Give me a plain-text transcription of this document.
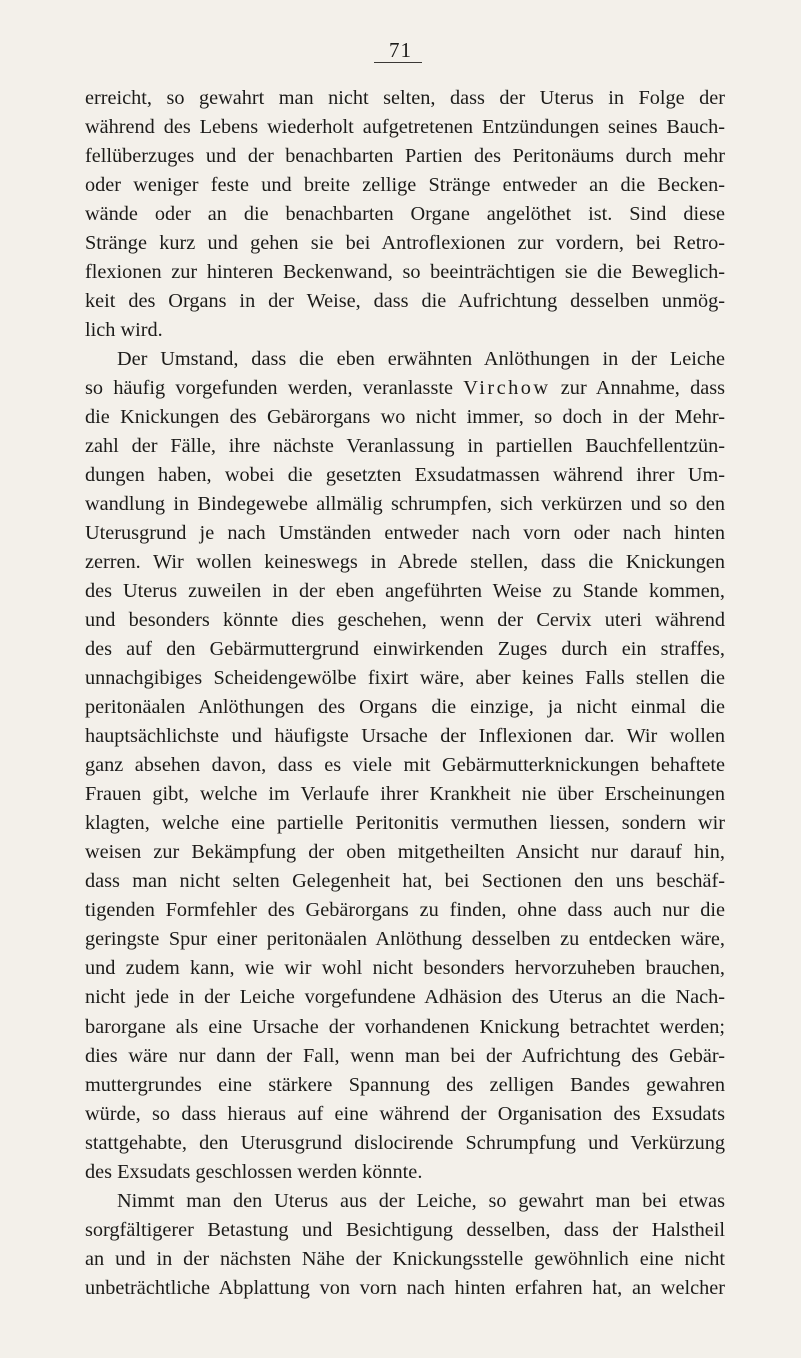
71
erreicht, so gewahrt man nicht selten, dass der Uterus in Folge der
während des Lebens wiederholt aufgetretenen Entzündungen seines Bauch-
fellüberzuges und der benachbarten Partien des Peritonäums durch mehr
oder weniger feste und breite zellige Stränge entweder an die Becken-
wände oder an die benachbarten Organe angelöthet ist. Sind diese
Stränge kurz und gehen sie bei Antroflexionen zur vordern, bei Retro-
flexionen zur hinteren Beckenwand, so beeinträchtigen sie die Beweglich-
keit des Organs in der Weise, dass die Aufrichtung desselben unmög-
lich wird.
Der Umstand, dass die eben erwähnten Anlöthungen in der Leiche
so häufig vorgefunden werden, veranlasste Virchow zur Annahme, dass
die Knickungen des Gebärorgans wo nicht immer, so doch in der Mehr-
zahl der Fälle, ihre nächste Veranlassung in partiellen Bauchfellentzün-
dungen haben, wobei die gesetzten Exsudatmassen während ihrer Um-
wandlung in Bindegewebe allmälig schrumpfen, sich verkürzen und so den
Uterusgrund je nach Umständen entweder nach vorn oder nach hinten
zerren. Wir wollen keineswegs in Abrede stellen, dass die Knickungen
des Uterus zuweilen in der eben angeführten Weise zu Stande kommen,
und besonders könnte dies geschehen, wenn der Cervix uteri während
des auf den Gebärmuttergrund einwirkenden Zuges durch ein straffes,
unnachgibiges Scheidengewölbe fixirt wäre, aber keines Falls stellen die
peritonäalen Anlöthungen des Organs die einzige, ja nicht einmal die
hauptsächlichste und häufigste Ursache der Inflexionen dar. Wir wollen
ganz absehen davon, dass es viele mit Gebärmutterknickungen behaftete
Frauen gibt, welche im Verlaufe ihrer Krankheit nie über Erscheinungen
klagten, welche eine partielle Peritonitis vermuthen liessen, sondern wir
weisen zur Bekämpfung der oben mitgetheilten Ansicht nur darauf hin,
dass man nicht selten Gelegenheit hat, bei Sectionen den uns beschäf-
tigenden Formfehler des Gebärorgans zu finden, ohne dass auch nur die
geringste Spur einer peritonäalen Anlöthung desselben zu entdecken wäre,
und zudem kann, wie wir wohl nicht besonders hervorzuheben brauchen,
nicht jede in der Leiche vorgefundene Adhäsion des Uterus an die Nach-
barorgane als eine Ursache der vorhandenen Knickung betrachtet werden;
dies wäre nur dann der Fall, wenn man bei der Aufrichtung des Gebär-
muttergrundes eine stärkere Spannung des zelligen Bandes gewahren
würde, so dass hieraus auf eine während der Organisation des Exsudats
stattgehabte, den Uterusgrund dislocirende Schrumpfung und Verkürzung
des Exsudats geschlossen werden könnte.
Nimmt man den Uterus aus der Leiche, so gewahrt man bei etwas
sorgfältigerer Betastung und Besichtigung desselben, dass der Halstheil
an und in der nächsten Nähe der Knickungsstelle gewöhnlich eine nicht
unbeträchtliche Abplattung von vorn nach hinten erfahren hat, an welcher
